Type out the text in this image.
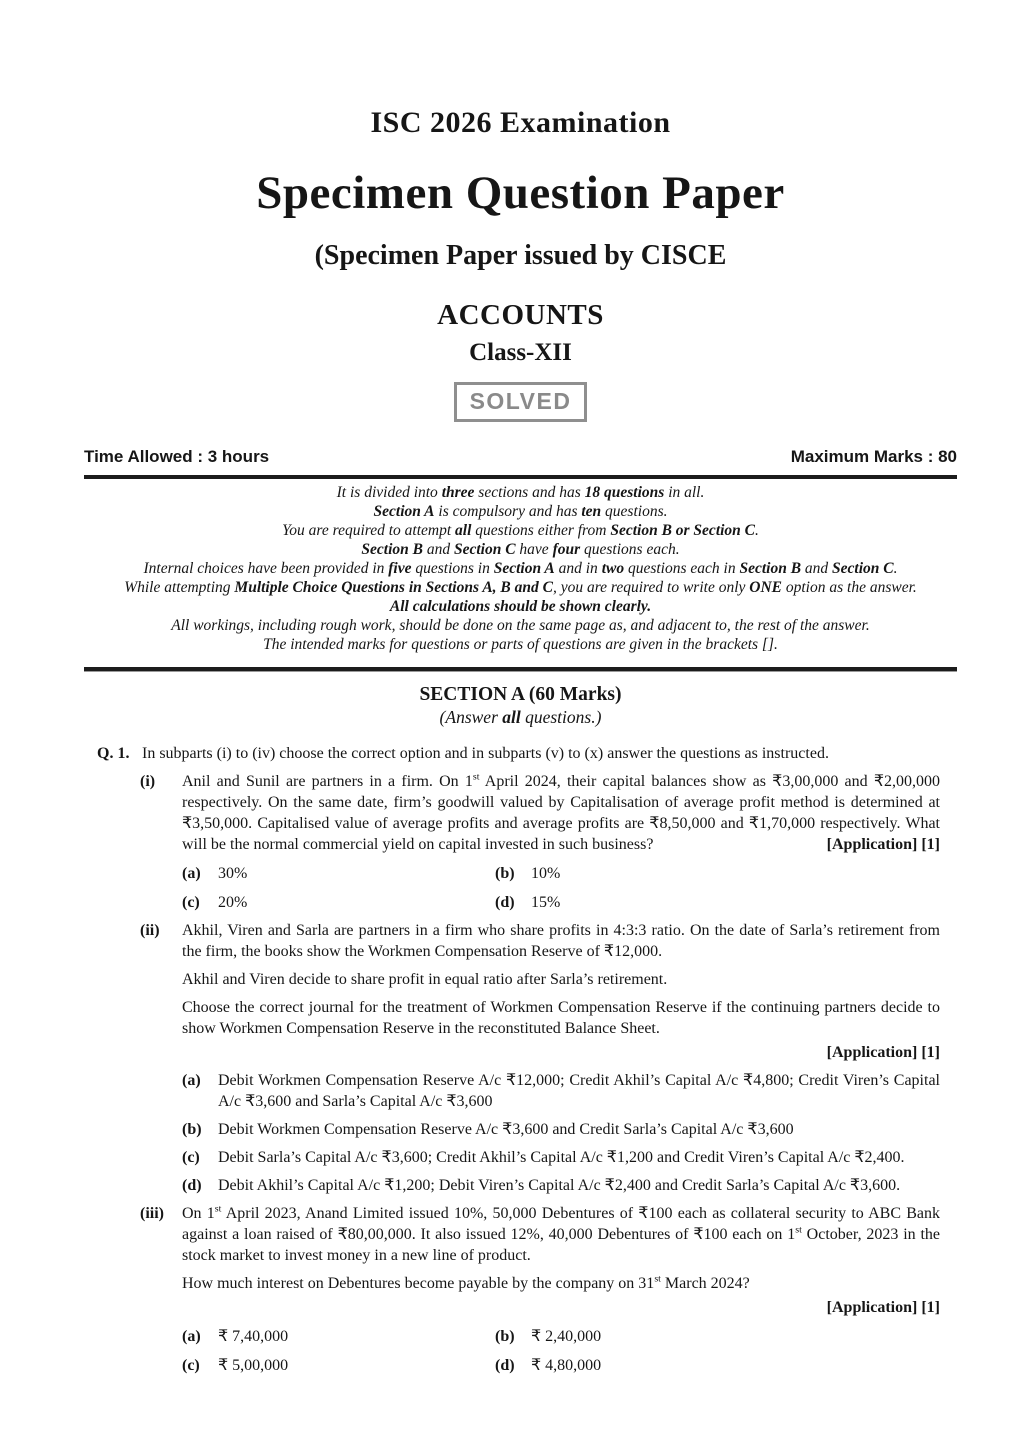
ISC 2026 Examination
Specimen Question Paper
(Specimen Paper issued by CISCE
ACCOUNTS
Class-XII
SOLVED
Time Allowed : 3 hours	Maximum Marks : 80
It is divided into three sections and has 18 questions in all.
Section A is compulsory and has ten questions.
You are required to attempt all questions either from Section B or Section C.
Section B and Section C have four questions each.
Internal choices have been provided in five questions in Section A and in two questions each in Section B and Section C.
While attempting Multiple Choice Questions in Sections A, B and C, you are required to write only ONE option as the answer.
All calculations should be shown clearly.
All workings, including rough work, should be done on the same page as, and adjacent to, the rest of the answer.
The intended marks for questions or parts of questions are given in the brackets [].
SECTION A (60 Marks)
(Answer all questions.)
Q. 1. In subparts (i) to (iv) choose the correct option and in subparts (v) to (x) answer the questions as instructed.
(i)	Anil and Sunil are partners in a firm. On 1st April 2024, their capital balances show as ₹3,00,000 and ₹2,00,000 respectively. On the same date, firm’s goodwill valued by Capitalisation of average profit method is determined at ₹3,50,000. Capitalised value of average profits and average profits are ₹8,50,000 and ₹1,70,000 respectively. What will be the normal commercial yield on capital invested in such business?	[Application] [1]

(a)	30%	(b)	10%
(c)	20%	(d)	15%
(ii)	Akhil, Viren and Sarla are partners in a firm who share profits in 4:3:3 ratio. On the date of Sarla’s retirement from the firm, the books show the Workmen Compensation Reserve of ₹12,000.

Akhil and Viren decide to share profit in equal ratio after Sarla’s retirement.

Choose the correct journal for the treatment of Workmen Compensation Reserve if the continuing partners decide to show Workmen Compensation Reserve in the reconstituted Balance Sheet.

[Application] [1]
(a)	Debit Workmen Compensation Reserve A/c ₹12,000; Credit Akhil’s Capital A/c ₹4,800; Credit Viren’s Capital A/c ₹3,600 and Sarla’s Capital A/c ₹3,600
(b)	Debit Workmen Compensation Reserve A/c ₹3,600 and Credit Sarla’s Capital A/c ₹3,600
(c)	Debit Sarla’s Capital A/c ₹3,600; Credit Akhil’s Capital A/c ₹1,200 and Credit Viren’s Capital A/c ₹2,400.
(d)	Debit Akhil’s Capital A/c ₹1,200; Debit Viren’s Capital A/c ₹2,400 and Credit Sarla’s Capital A/c ₹3,600.
(iii)	On 1st April 2023, Anand Limited issued 10%, 50,000 Debentures of ₹100 each as collateral security to ABC Bank against a loan raised of ₹80,00,000. It also issued 12%, 40,000 Debentures of ₹100 each on 1st October, 2023 in the stock market to invest money in a new line of product.

How much interest on Debentures become payable by the company on 31st March 2024?

[Application] [1]
(a)	₹ 7,40,000	(b)	₹ 2,40,000
(c)	₹ 5,00,000	(d)	₹ 4,80,000
